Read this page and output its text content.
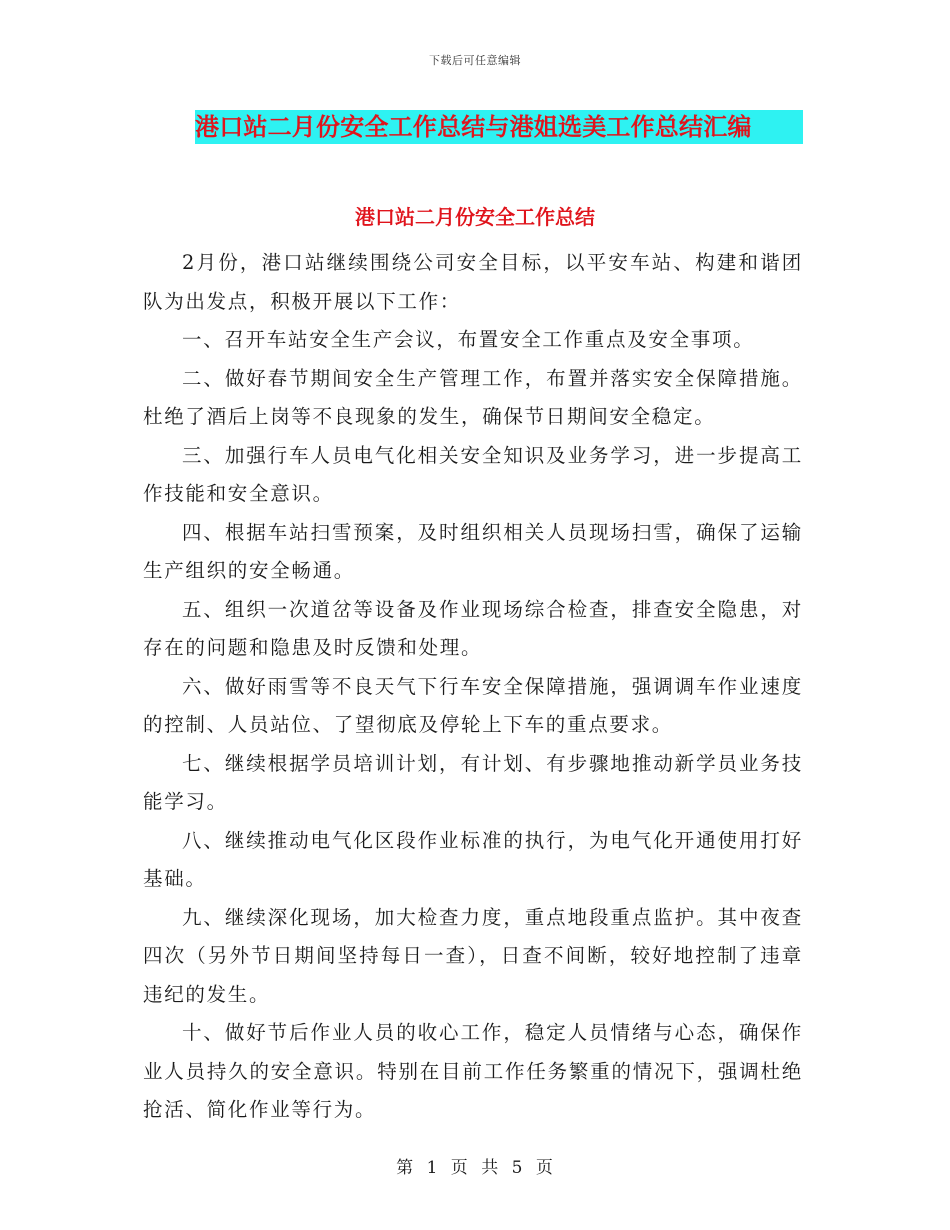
下载后可任意编辑
港口站二月份安全工作总结与港姐选美工作总结汇编
港口站二月份安全工作总结

2月份，港口站继续围绕公司安全目标，以平安车站、构建和谐团队为出发点，积极开展以下工作：

一、召开车站安全生产会议，布置安全工作重点及安全事项。

二、做好春节期间安全生产管理工作，布置并落实安全保障措施。杜绝了酒后上岗等不良现象的发生，确保节日期间安全稳定。

三、加强行车人员电气化相关安全知识及业务学习，进一步提高工作技能和安全意识。

四、根据车站扫雪预案，及时组织相关人员现场扫雪，确保了运输生产组织的安全畅通。

五、组织一次道岔等设备及作业现场综合检查，排查安全隐患，对存在的问题和隐患及时反馈和处理。

六、做好雨雪等不良天气下行车安全保障措施，强调调车作业速度的控制、人员站位、了望彻底及停轮上下车的重点要求。

七、继续根据学员培训计划，有计划、有步骤地推动新学员业务技能学习。

八、继续推动电气化区段作业标准的执行，为电气化开通使用打好基础。

九、继续深化现场，加大检查力度，重点地段重点监护。其中夜查四次（另外节日期间坚持每日一查），日查不间断，较好地控制了违章违纪的发生。

十、做好节后作业人员的收心工作，稳定人员情绪与心态，确保作业人员持久的安全意识。特别在目前工作任务繁重的情况下，强调杜绝抢活、简化作业等行为。

第 1 页 共 5 页
